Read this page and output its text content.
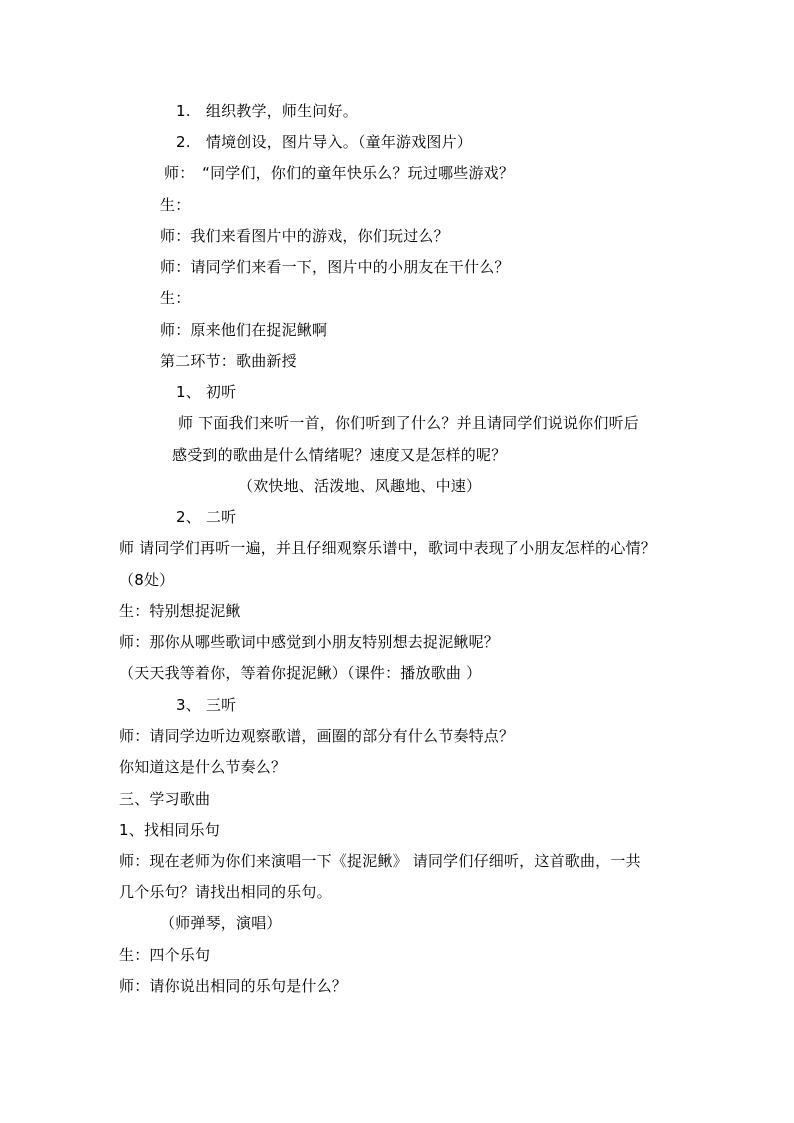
1.　组织教学，师生问好。
2.　情境创设，图片导入。（童年游戏图片）
师：　“同学们，你们的童年快乐么？玩过哪些游戏？
生：
师：我们来看图片中的游戏，你们玩过么？
师：请同学们来看一下，图片中的小朋友在干什么？
生：
师：原来他们在捉泥鳅啊
第二环节：歌曲新授
1、 初听
师 下面我们来听一首，你们听到了什么？并且请同学们说说你们听后
感受到的歌曲是什么情绪呢？速度又是怎样的呢？
（欢快地、活泼地、风趣地、中速）
2、 二听
师 请同学们再听一遍，并且仔细观察乐谱中，歌词中表现了小朋友怎样的心情？
（8处）
生：特别想捉泥鳅
师：那你从哪些歌词中感觉到小朋友特别想去捉泥鳅呢？
（天天我等着你，等着你捉泥鳅）（课件：播放歌曲 ）
3、 三听
师：请同学边听边观察歌谱，画圈的部分有什么节奏特点？
你知道这是什么节奏么？
三、学习歌曲
1、找相同乐句
师：现在老师为你们来演唱一下《捉泥鳅》 请同学们仔细听，这首歌曲，一共
几个乐句？请找出相同的乐句。
（师弹琴，演唱）
生：四个乐句
师：请你说出相同的乐句是什么？
